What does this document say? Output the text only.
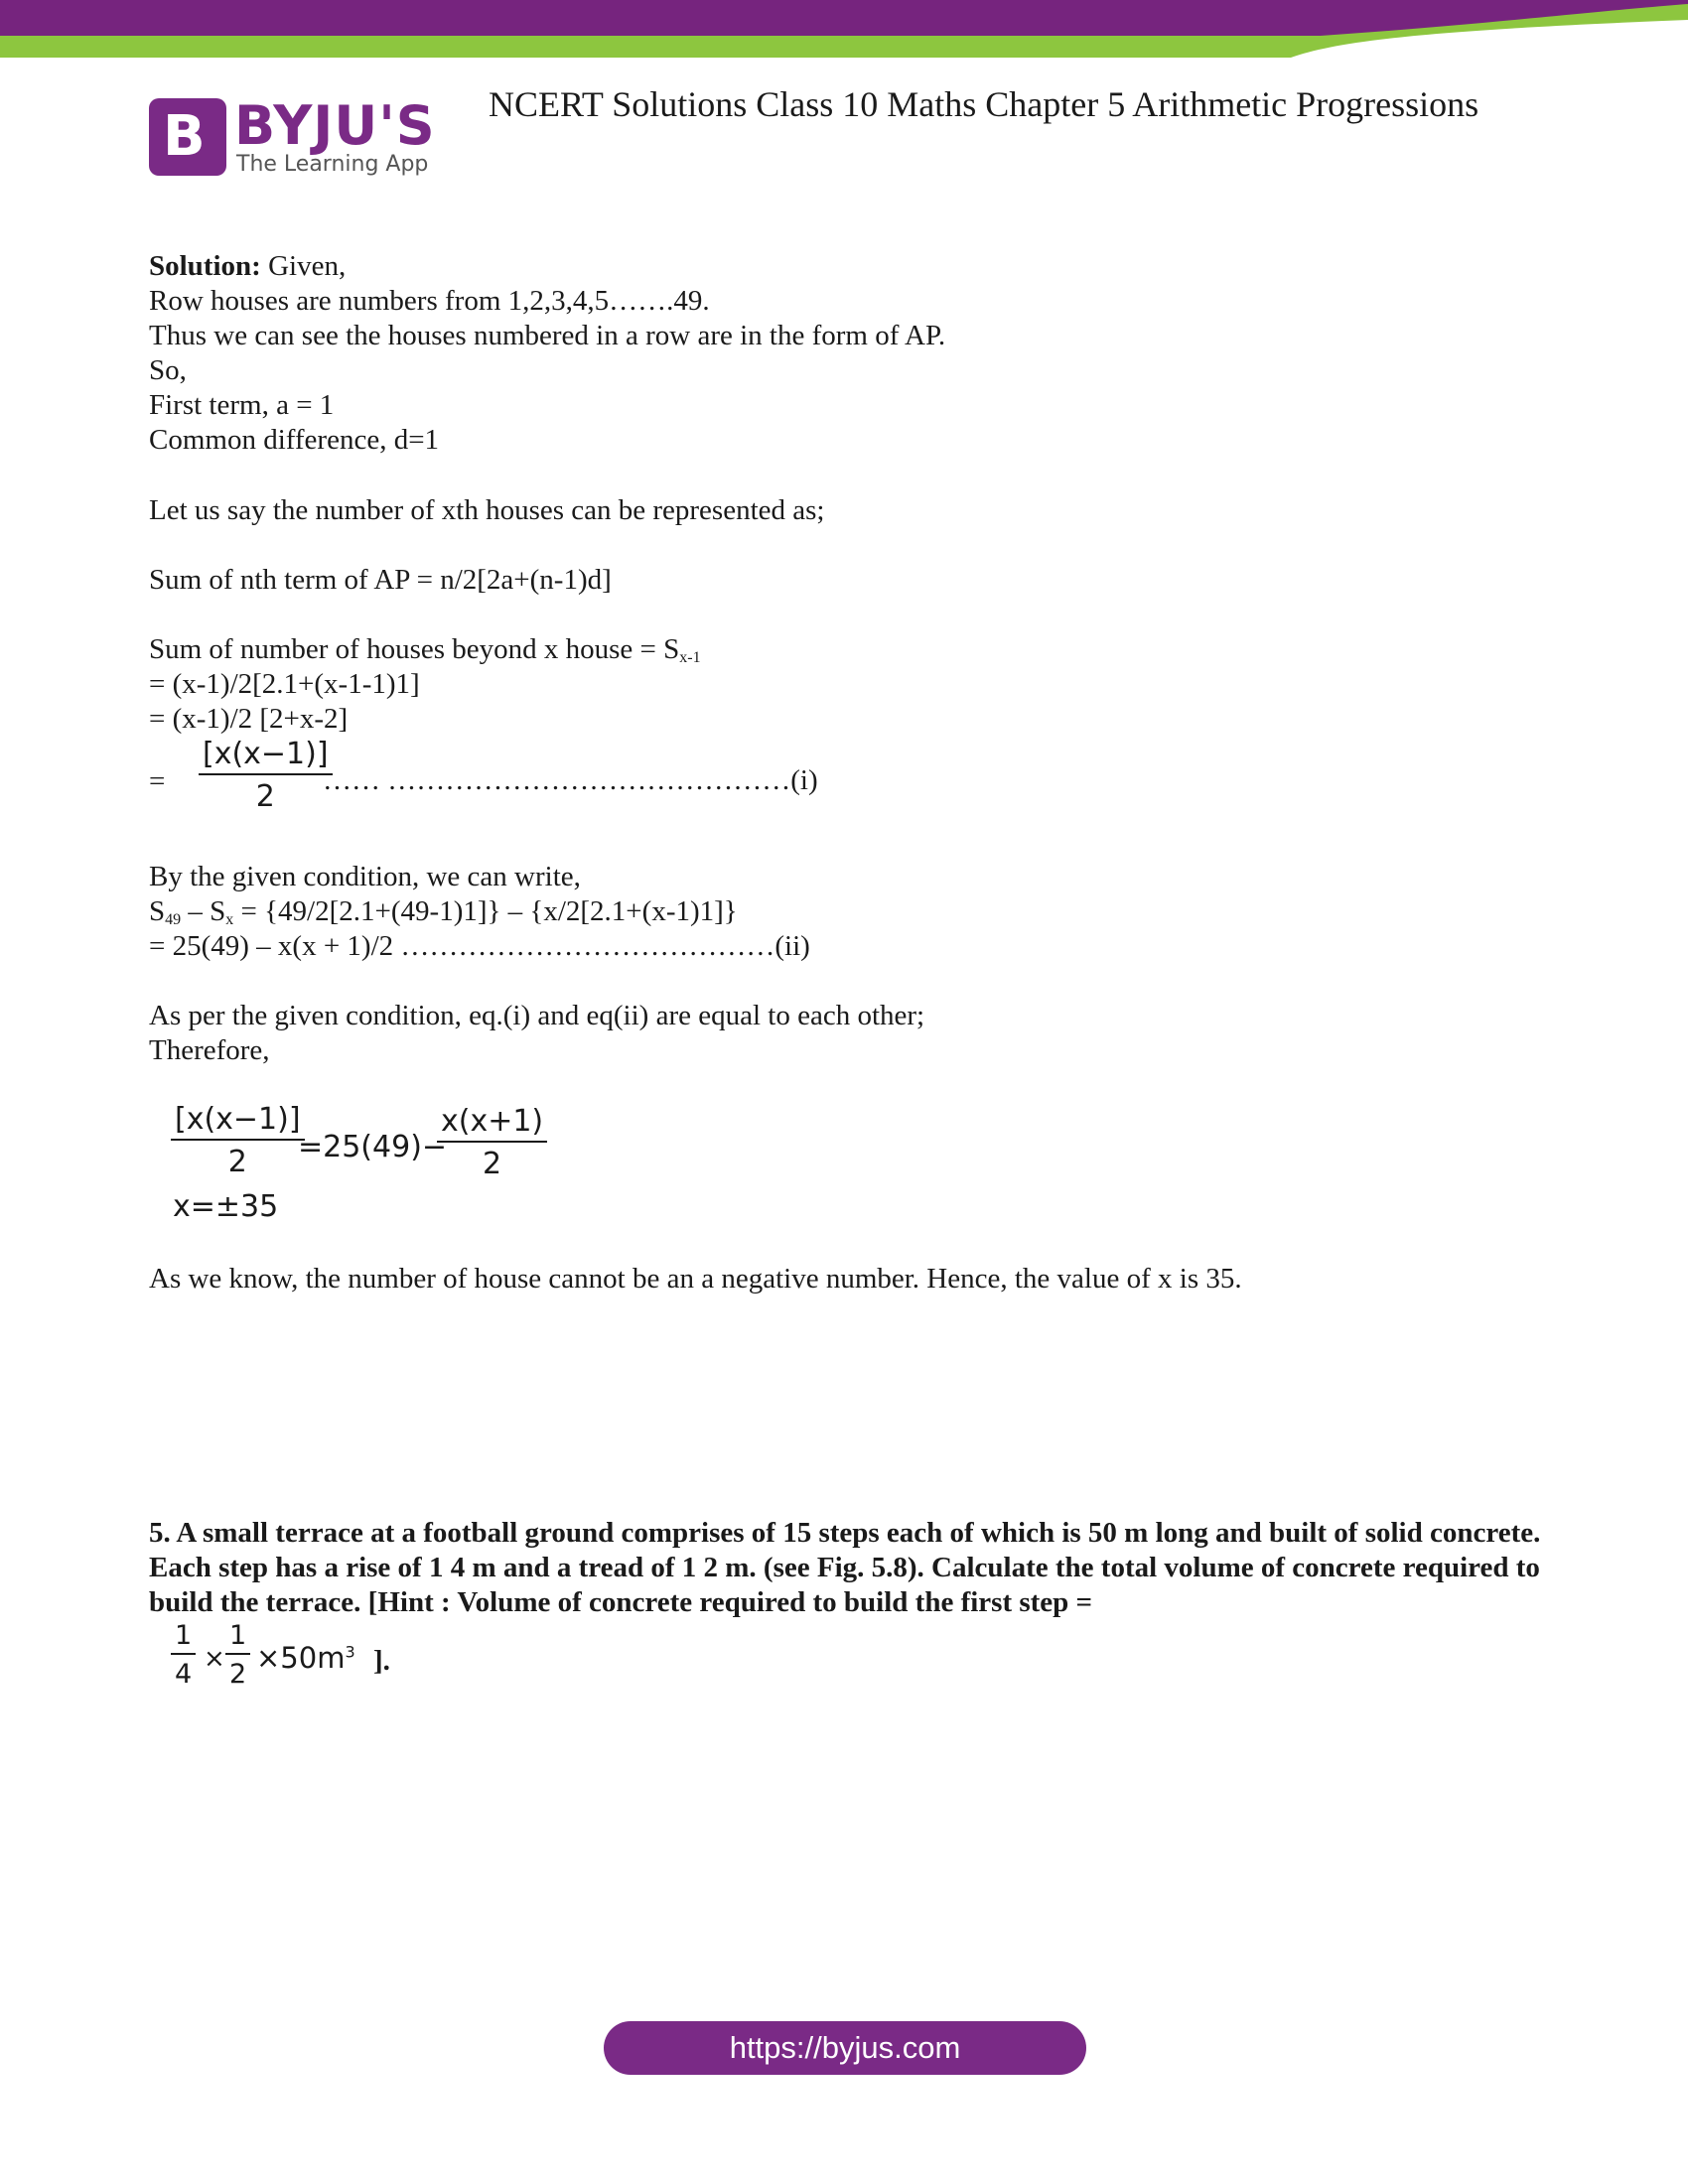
B BYJU'S
The Learning App
NCERT Solutions Class 10 Maths Chapter 5 Arithmetic Progressions
Solution: Given,
Row houses are numbers from 1,2,3,4,5…….49.
Thus we can see the houses numbered in a row are in the form of AP.
So,
First term, a = 1
Common difference, d=1
Let us say the number of xth houses can be represented as;
Sum of nth term of AP = n/2[2a+(n-1)d]
Sum of number of houses beyond x house = $S_{x-1}$
= (x-1)/2[2.1+(x-1-1)1]
= (x-1)/2 [2+x-2]
= $\frac{[x(x-1)]}{2}$
…… ……………………………………(i)
By the given condition, we can write,
$S_{49} - S_x = \{49/2[2.1+(49-1)1]\} - \{x/2[2.1+(x-1)1]\}$
= 25(49) – x(x + 1)/2 …………………………………(ii)
As per the given condition, eq.(i) and eq(ii) are equal to each other;
Therefore,
$\frac{[x(x-1)]}{2}$
=25(49)−
$\frac{x(x+1)}{2}$
x=±35
As we know, the number of house cannot be an a negative number. Hence, the value of x is 35.
5. A small terrace at a football ground comprises of 15 steps each of which is 50 m long and built of solid concrete. Each step has a rise of 1 4 m and a tread of 1 2 m. (see Fig. 5.8). Calculate the total volume of concrete required to build the terrace. [Hint : Volume of concrete required to build the first step =
$\frac{1}{4} \times \frac{1}{2} \times 50m^3$ ].
https://byjus.com
